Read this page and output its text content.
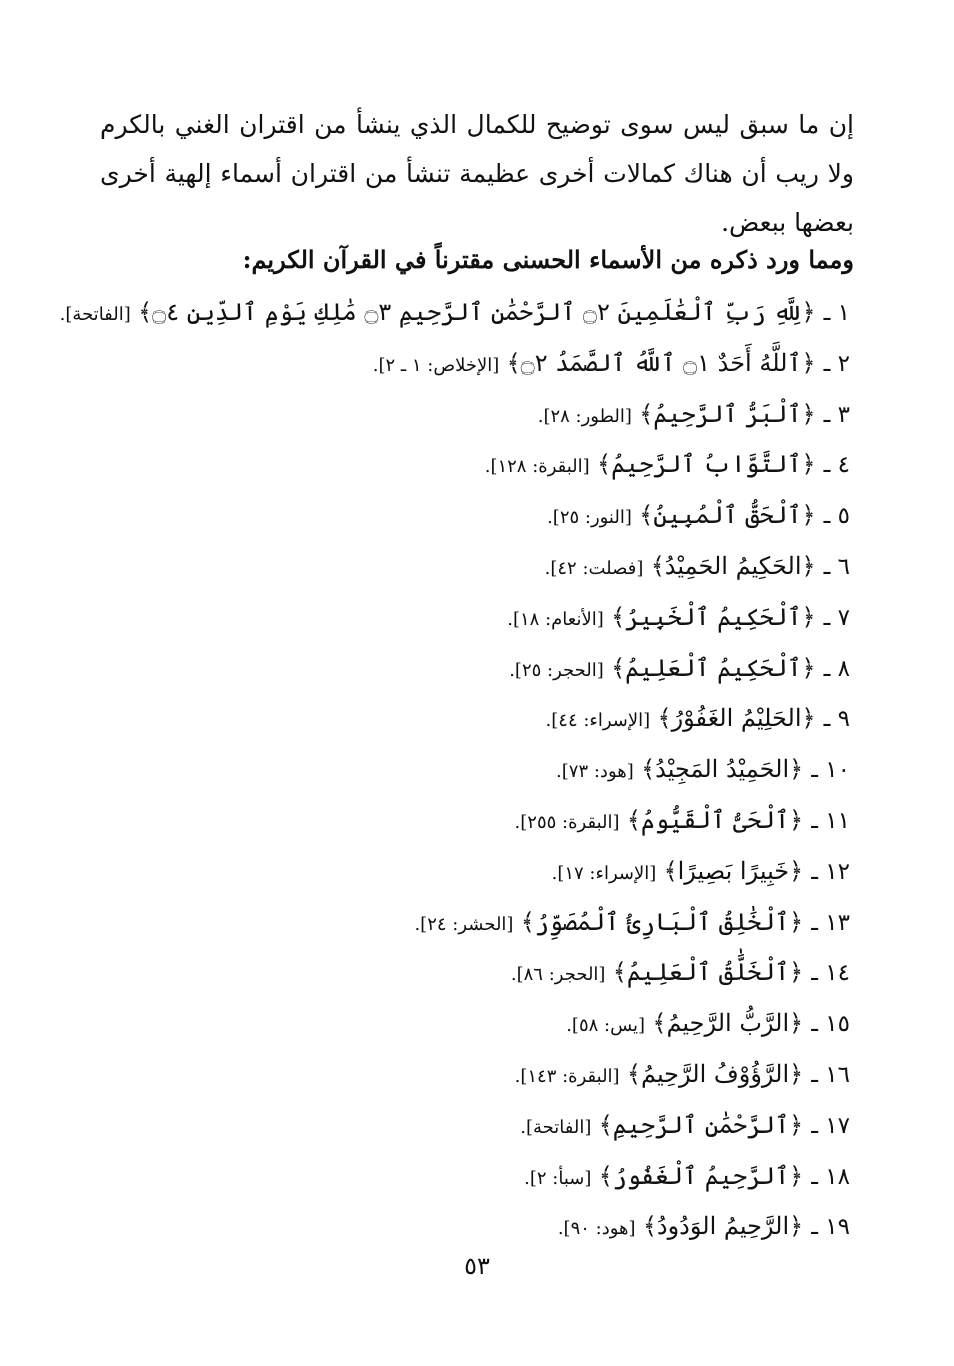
إن ما سبق ليس سوى توضيح للكمال الذي ينشأ من اقتران الغني بالكرم ولا ريب أن هناك كمالات أخرى عظيمة تنشأ من اقتران أسماء إلهية أخرى بعضها ببعض.

ومما ورد ذكره من الأسماء الحسنى مقترناً في القرآن الكريم:
١ ـ﴿لِلَّهِ رَبِّ ٱلْعَٰلَمِينَ ۝٢ ٱلرَّحْمَٰنِ ٱلرَّحِيمِ ۝٣ مَٰلِكِ يَوْمِ ٱلدِّينِ ۝٤﴾ [الفاتحة].
٢ ـ﴿ٱللَّهُ أَحَدٌ ۝١ ٱللَّهُ ٱلصَّمَدُ ۝٢﴾ [الإخلاص: ١ ـ ٢].
٣ ـ﴿ٱلْبَرُّ ٱلرَّحِيمُ﴾ [الطور: ٢٨].
٤ ـ﴿ٱلتَّوَّابُ ٱلرَّحِيمُ﴾ [البقرة: ١٢٨].
٥ ـ﴿ٱلْحَقُّ ٱلْمُبِينُ﴾ [النور: ٢٥].
٦ ـ﴿الحَكِيمُ الحَمِيْدُ﴾ [فصلت: ٤٢].
٧ ـ﴿ٱلْحَكِيمُ ٱلْخَبِيرُ﴾ [الأنعام: ١٨].
٨ ـ﴿ٱلْحَكِيمُ ٱلْعَلِيمُ﴾ [الحجر: ٢٥].
٩ ـ﴿الحَلِيْمُ الغَفُوْرُ﴾ [الإسراء: ٤٤].
١٠ ـ﴿الحَمِيْدُ المَجِيْدُ﴾ [هود: ٧٣].
١١ ـ﴿ٱلْحَىُّ ٱلْقَيُّومُ﴾ [البقرة: ٢٥٥].
١٢ ـ﴿خَبِيرًا بَصِيرًا﴾ [الإسراء: ١٧].
١٣ ـ﴿ٱلْخَٰلِقُ ٱلْبَارِئُ ٱلْمُصَوِّرُ﴾ [الحشر: ٢٤].
١٤ ـ﴿ٱلْخَلَّٰقُ ٱلْعَلِيمُ﴾ [الحجر: ٨٦].
١٥ ـ﴿الرَّبُّ الرَّحِيمُ﴾ [يس: ٥٨].
١٦ ـ﴿الرَّؤُوْفُ الرَّحِيمُ﴾ [البقرة: ١٤٣].
١٧ ـ﴿ٱلرَّحْمَٰنِ ٱلرَّحِيمِ﴾ [الفاتحة].
١٨ ـ﴿ٱلرَّحِيمُ ٱلْغَفُورُ﴾ [سبأ: ٢].
١٩ ـ﴿الرَّحِيمُ الوَدُودُ﴾ [هود: ٩٠].
٥٣
